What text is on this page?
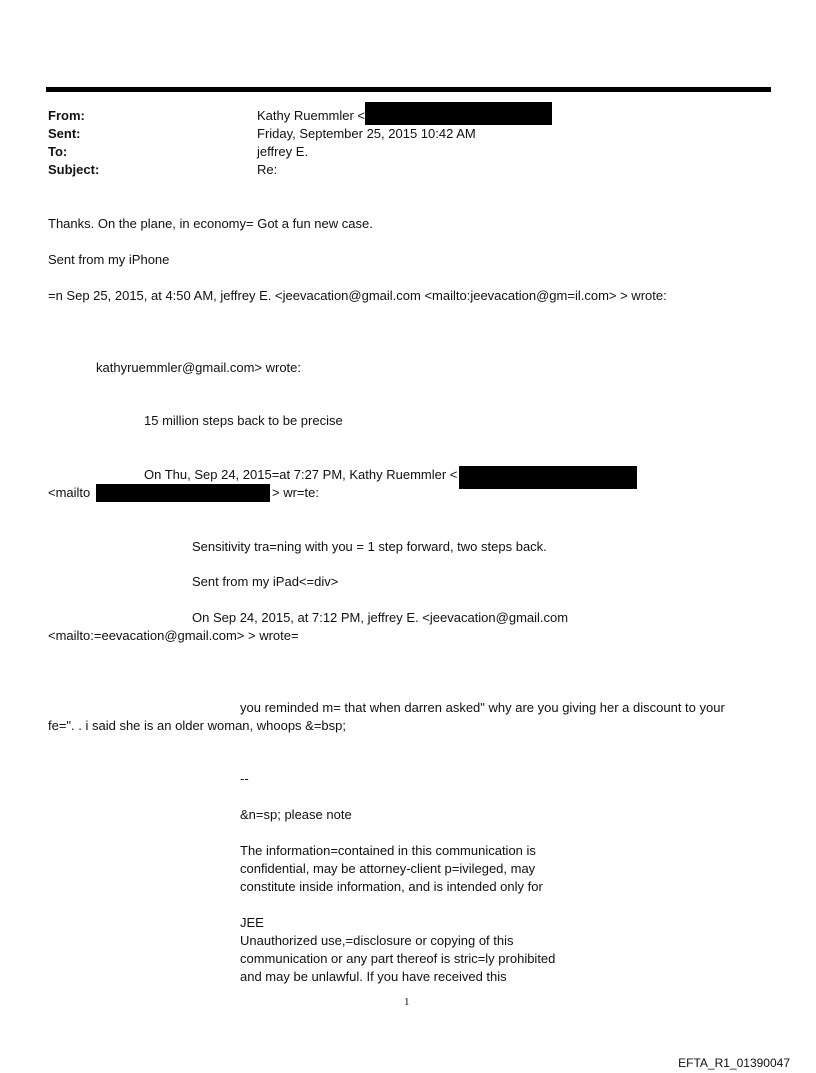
From:	Kathy Ruemmler <
Sent:	Friday, September 25, 2015 10:42 AM
To:	jeffrey E.
Subject:	Re:
Thanks. On the plane, in economy= Got a fun new case.
Sent from my iPhone
=n Sep 25, 2015, at 4:50 AM, jeffrey E. <jeevacation@gmail.com <mailto:jeevacation@gm=il.com> > wrote:
kathyruemmler@gmail.com> wrote:
15 million steps back to be precise
On Thu, Sep 24, 2015=at 7:27 PM, Kathy Ruemmler <
<mailto	> wr=te:
Sensitivity tra=ning with you = 1 step forward, two steps back.
Sent from my iPad<=div>
On Sep 24, 2015, at 7:12 PM, jeffrey E. <jeevacation@gmail.com
<mailto:=eevacation@gmail.com> > wrote=
you reminded m= that when darren asked" why are you giving her a discount to your
fe=". . i said she is an older woman, whoops &=bsp;
--
&n=sp; please note
The information=contained in this communication is
confidential, may be attorney-client p=ivileged, may
constitute inside information, and is intended only for
JEE
Unauthorized use,=disclosure or copying of this
communication or any part thereof is stric=ly prohibited
and may be unlawful. If you have received this
1
EFTA_R1_01390047
